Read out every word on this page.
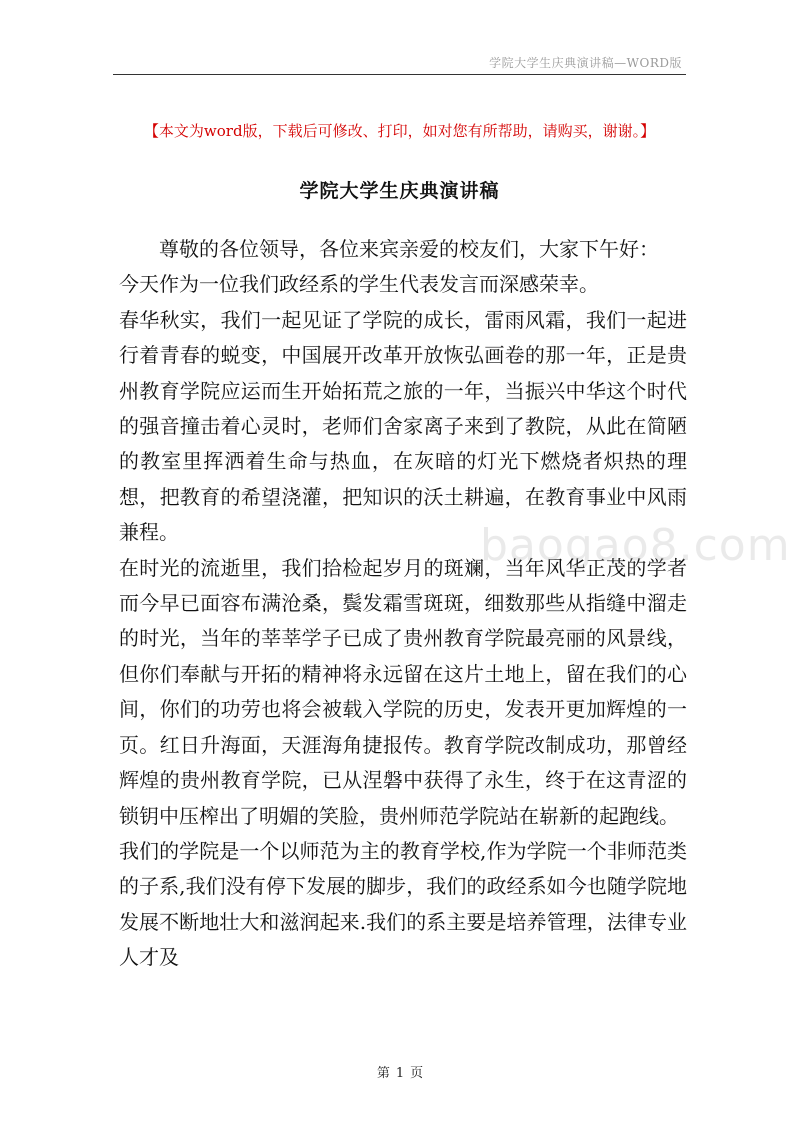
学院大学生庆典演讲稿—WORD版
【本文为word版，下载后可修改、打印，如对您有所帮助，请购买，谢谢。】
学院大学生庆典演讲稿

尊敬的各位领导，各位来宾亲爱的校友们，大家下午好：

今天作为一位我们政经系的学生代表发言而深感荣幸。

春华秋实，我们一起见证了学院的成长，雷雨风霜，我们一起进行着青春的蜕变，中国展开改革开放恢弘画卷的那一年，正是贵州教育学院应运而生开始拓荒之旅的一年，当振兴中华这个时代的强音撞击着心灵时，老师们舍家离子来到了教院，从此在简陋的教室里挥洒着生命与热血，在灰暗的灯光下燃烧者炽热的理想，把教育的希望浇灌，把知识的沃土耕遍，在教育事业中风雨兼程。

在时光的流逝里，我们拾检起岁月的斑斓，当年风华正茂的学者而今早已面容布满沧桑，鬓发霜雪斑斑，细数那些从指缝中溜走的时光，当年的莘莘学子已成了贵州教育学院最亮丽的风景线，但你们奉献与开拓的精神将永远留在这片土地上，留在我们的心间，你们的功劳也将会被载入学院的历史，发表开更加辉煌的一页。红日升海面，天涯海角捷报传。教育学院改制成功，那曾经辉煌的贵州教育学院，已从涅磐中获得了永生，终于在这青涩的锁钥中压榨出了明媚的笑脸，贵州师范学院站在崭新的起跑线。

我们的学院是一个以师范为主的教育学校,作为学院一个非师范类的子系,我们没有停下发展的脚步，我们的政经系如今也随学院地发展不断地壮大和滋润起来.我们的系主要是培养管理，法律专业人才及

baogao8.com
第 1 页
